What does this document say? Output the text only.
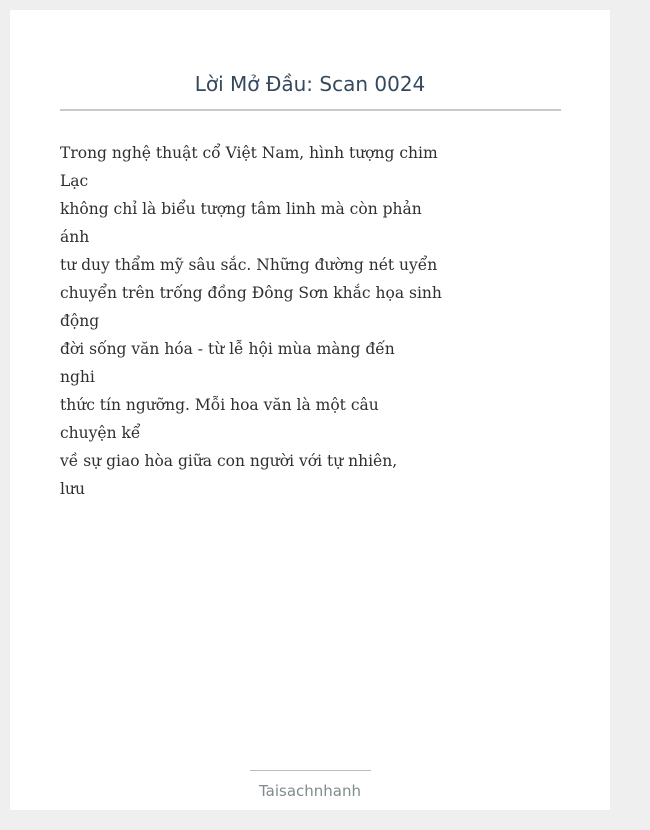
Lời Mở Đầu: Scan 0024
Trong nghệ thuật cổ Việt Nam, hình tượng chim
Lạc
không chỉ là biểu tượng tâm linh mà còn phản
ánh
tư duy thẩm mỹ sâu sắc. Những đường nét uyển
chuyển trên trống đồng Đông Sơn khắc họa sinh
động
đời sống văn hóa - từ lễ hội mùa màng đến
nghi
thức tín ngưỡng. Mỗi hoa văn là một câu
chuyện kể
về sự giao hòa giữa con người với tự nhiên,
lưu
Taisachnhanh
